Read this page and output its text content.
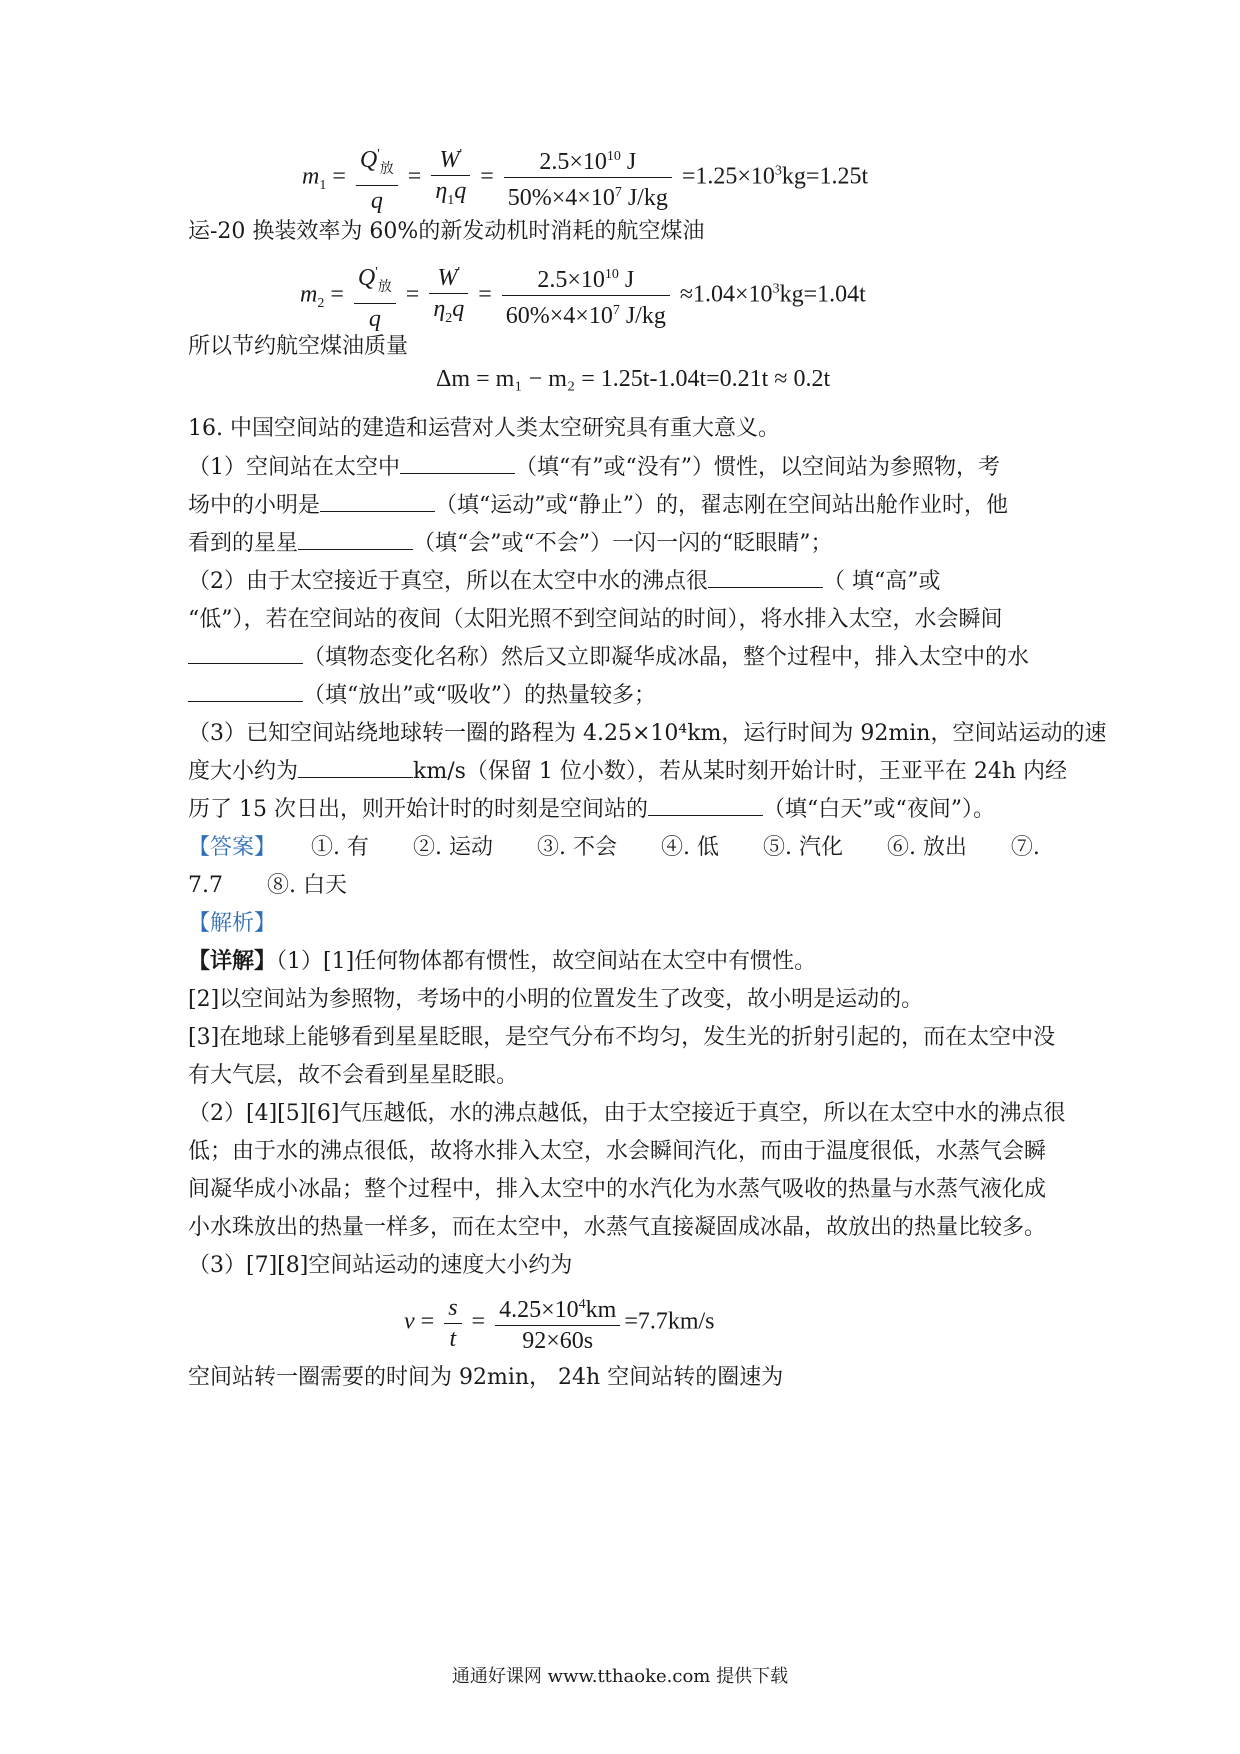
$m_1 = \frac{Q'_放}{q} = \frac{W'}{\eta_1q} = \frac{2.5\times 10^{10} J}{50\%\times 4\times 10^7 J/kg} =1.25\times 10^3kg=1.25t$
运-20 换装效率为 60%的新发动机时消耗的航空煤油
$m_2 = \frac{Q'_放}{q} = \frac{W'}{\eta_2q} = \frac{2.5\times 10^{10} J}{60\%\times 4\times 10^7 J/kg} \approx 1.04\times 10^3kg=1.04t$
所以节约航空煤油质量
Δm = m₁ − m₂ = 1.25t-1.04t=0.21t ≈ 0.2t
16. 中国空间站的建造和运营对人类太空研究具有重大意义。
（1）空间站在太空中	（填“有”或“没有”）惯性，以空间站为参照物，考
场中的小明是	（填“运动”或“静止”）的，翟志刚在空间站出舱作业时，他
看到的星星	（填“会”或“不会”）一闪一闪的“眨眼睛”；
（2）由于太空接近于真空，所以在太空中水的沸点很	（ 填“高”或
“低”），若在空间站的夜间（太阳光照不到空间站的时间），将水排入太空，水会瞬间
（填物态变化名称）然后又立即凝华成冰晶，整个过程中，排入太空中的水
（填“放出”或“吸收”）的热量较多；
（3）已知空间站绕地球转一圈的路程为 4.25×10⁴km，运行时间为 92min，空间站运动的速
度大小约为	km/s（保留 1 位小数），若从某时刻开始计时，王亚平在 24h 内经
历了 15 次日出，则开始计时的时刻是空间站的	（填“白天”或“夜间”）。
【答案】 ①. 有　　②. 运动　　③. 不会　　④. 低　　⑤. 汽化　　⑥. 放出　　⑦.
7.7　　⑧. 白天
【解析】
【详解】（1）[1]任何物体都有惯性，故空间站在太空中有惯性。
[2]以空间站为参照物，考场中的小明的位置发生了改变，故小明是运动的。
[3]在地球上能够看到星星眨眼，是空气分布不均匀，发生光的折射引起的，而在太空中没
有大气层，故不会看到星星眨眼。
（2）[4][5][6]气压越低，水的沸点越低，由于太空接近于真空，所以在太空中水的沸点很
低；由于水的沸点很低，故将水排入太空，水会瞬间汽化，而由于温度很低，水蒸气会瞬
间凝华成小冰晶；整个过程中，排入太空中的水汽化为水蒸气吸收的热量与水蒸气液化成
小水珠放出的热量一样多，而在太空中，水蒸气直接凝固成冰晶，故放出的热量比较多。
（3）[7][8]空间站运动的速度大小约为
$v = \frac{s}{t} = \frac{4.25\times 10^4km}{92\times 60s} =7.7km/s$
空间站转一圈需要的时间为 92min， 24h 空间站转的圈速为
通通好课网 www.tthaoke.com 提供下载
